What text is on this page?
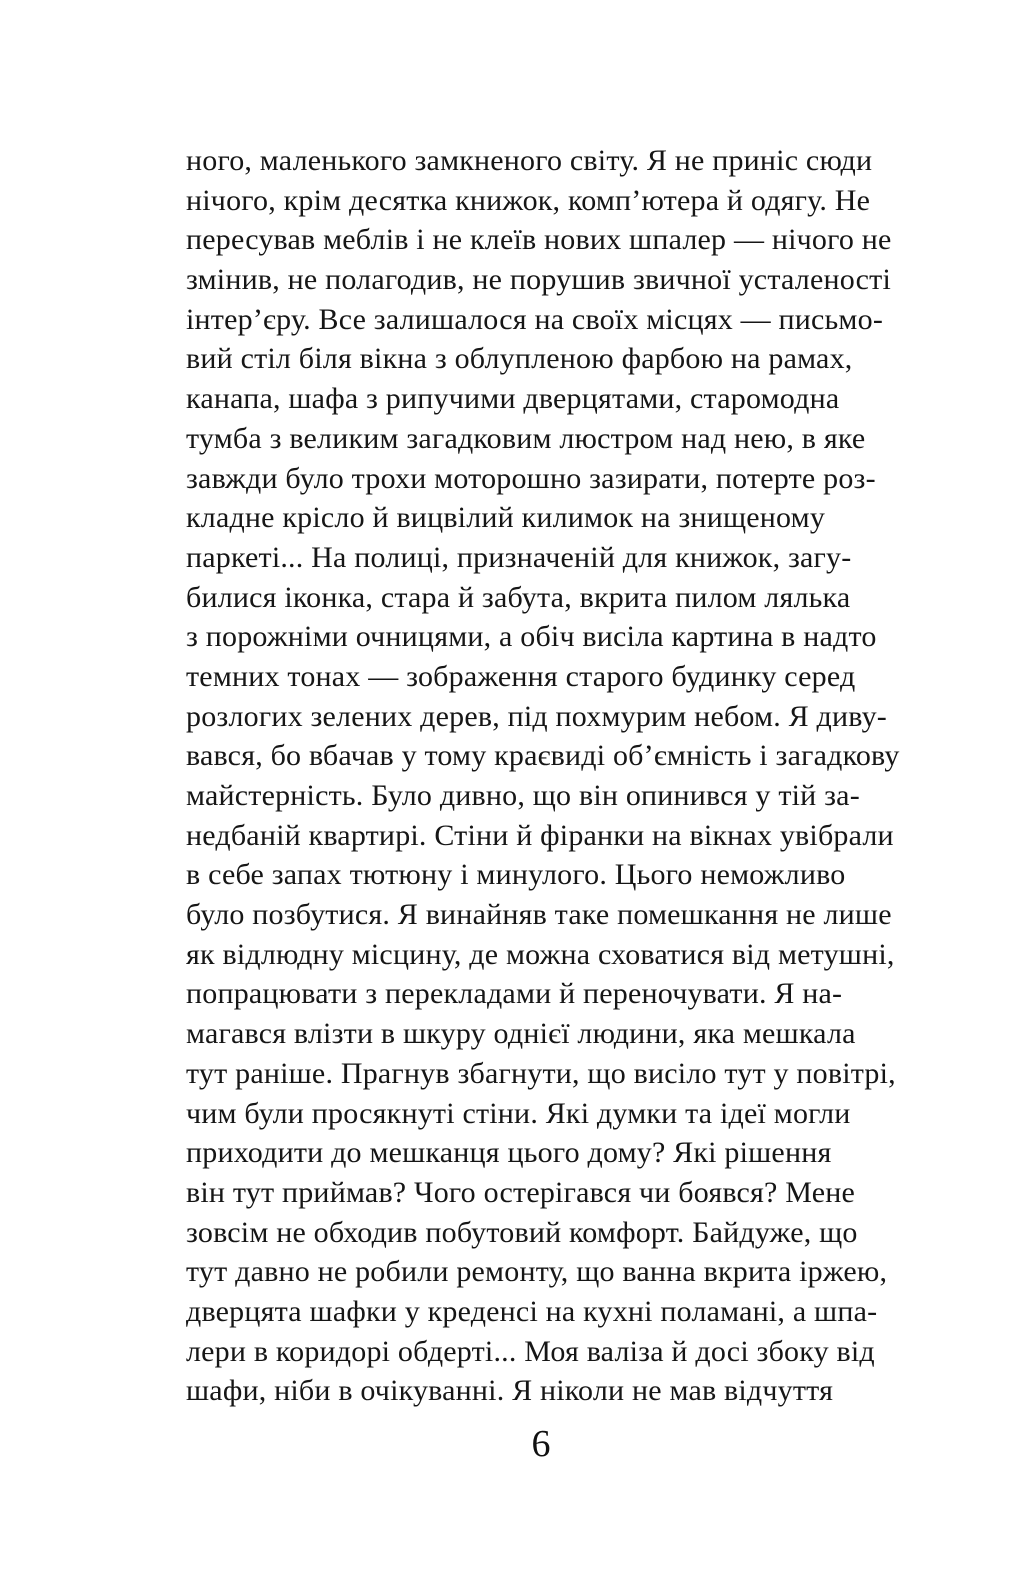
ного, маленького замкненого світу. Я не приніс сюди
нічого, крім десятка книжок, комп’ютера й одягу. Не
пересував меблів і не клеїв нових шпалер — нічого не
змінив, не полагодив, не порушив звичної усталеності
інтер’єру. Все залишалося на своїх місцях — письмо-
вий стіл біля вікна з облупленою фарбою на рамах,
канапа, шафа з рипучими дверцятами, старомодна
тумба з великим загадковим люстром над нею, в яке
завжди було трохи моторошно зазирати, потерте роз-
кладне крісло й вицвілий килимок на знищеному
паркеті... На полиці, призначеній для книжок, загу-
билися іконка, стара й забута, вкрита пилом лялька
з порожніми очницями, а обіч висіла картина в надто
темних тонах — зображення старого будинку серед
розлогих зелених дерев, під похмурим небом. Я диву-
вався, бо вбачав у тому краєвиді об’ємність і загадкову
майстерність. Було дивно, що він опинився у тій за-
недбаній квартирі. Стіни й фіранки на вікнах увібрали
в себе запах тютюну і минулого. Цього неможливо
було позбутися. Я винайняв таке помешкання не лише
як відлюдну місцину, де можна сховатися від метушні,
попрацювати з перекладами й переночувати. Я на-
магався влізти в шкуру однієї людини, яка мешкала
тут раніше. Прагнув збагнути, що висіло тут у повітрі,
чим були просякнуті стіни. Які думки та ідеї могли
приходити до мешканця цього дому? Які рішення
він тут приймав? Чого остерігався чи боявся? Мене
зовсім не обходив побутовий комфорт. Байдуже, що
тут давно не робили ремонту, що ванна вкрита іржею,
дверцята шафки у креденсі на кухні поламані, а шпа-
лери в коридорі обдерті... Моя валіза й досі збоку від
шафи, ніби в очікуванні. Я ніколи не мав відчуття
6
